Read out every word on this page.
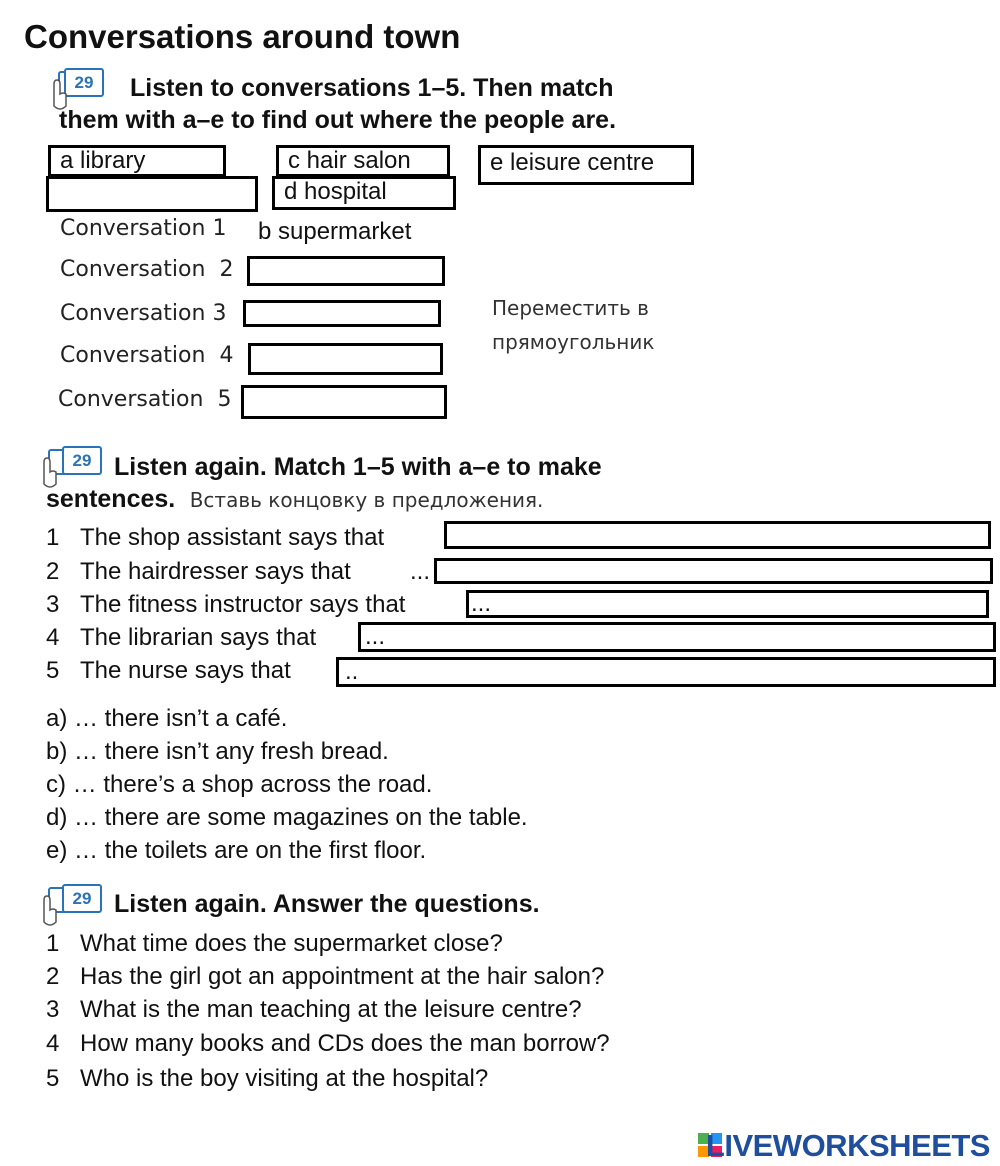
Conversations around town
29	Listen to conversations 1–5. Then match
them with a–e to find out where the people are.
a library	c hair salon	e leisure centre
d hospital
Conversation 1 b supermarket
Conversation 2
Conversation 3
Conversation 4
Conversation 5
Переместить в
прямоугольник
29 Listen again. Match 1–5 with a–e to make
sentences. Вставь концовку в предложения.
1 The shop assistant says that
2 The hairdresser says that ...
3 The fitness instructor says that	...
4 The librarian says that ...
5 The nurse says that	..
a) … there isn’t a café.
b) … there isn’t any fresh bread.
c) … there’s a shop across the road.
d) … there are some magazines on the table.
e) … the toilets are on the first floor.
29 Listen again. Answer the questions.
1 What time does the supermarket close?
2 Has the girl got an appointment at the hair salon?
3 What is the man teaching at the leisure centre?
4 How many books and CDs does the man borrow?
5 Who is the boy visiting at the hospital?
LIVEWORKSHEETS
